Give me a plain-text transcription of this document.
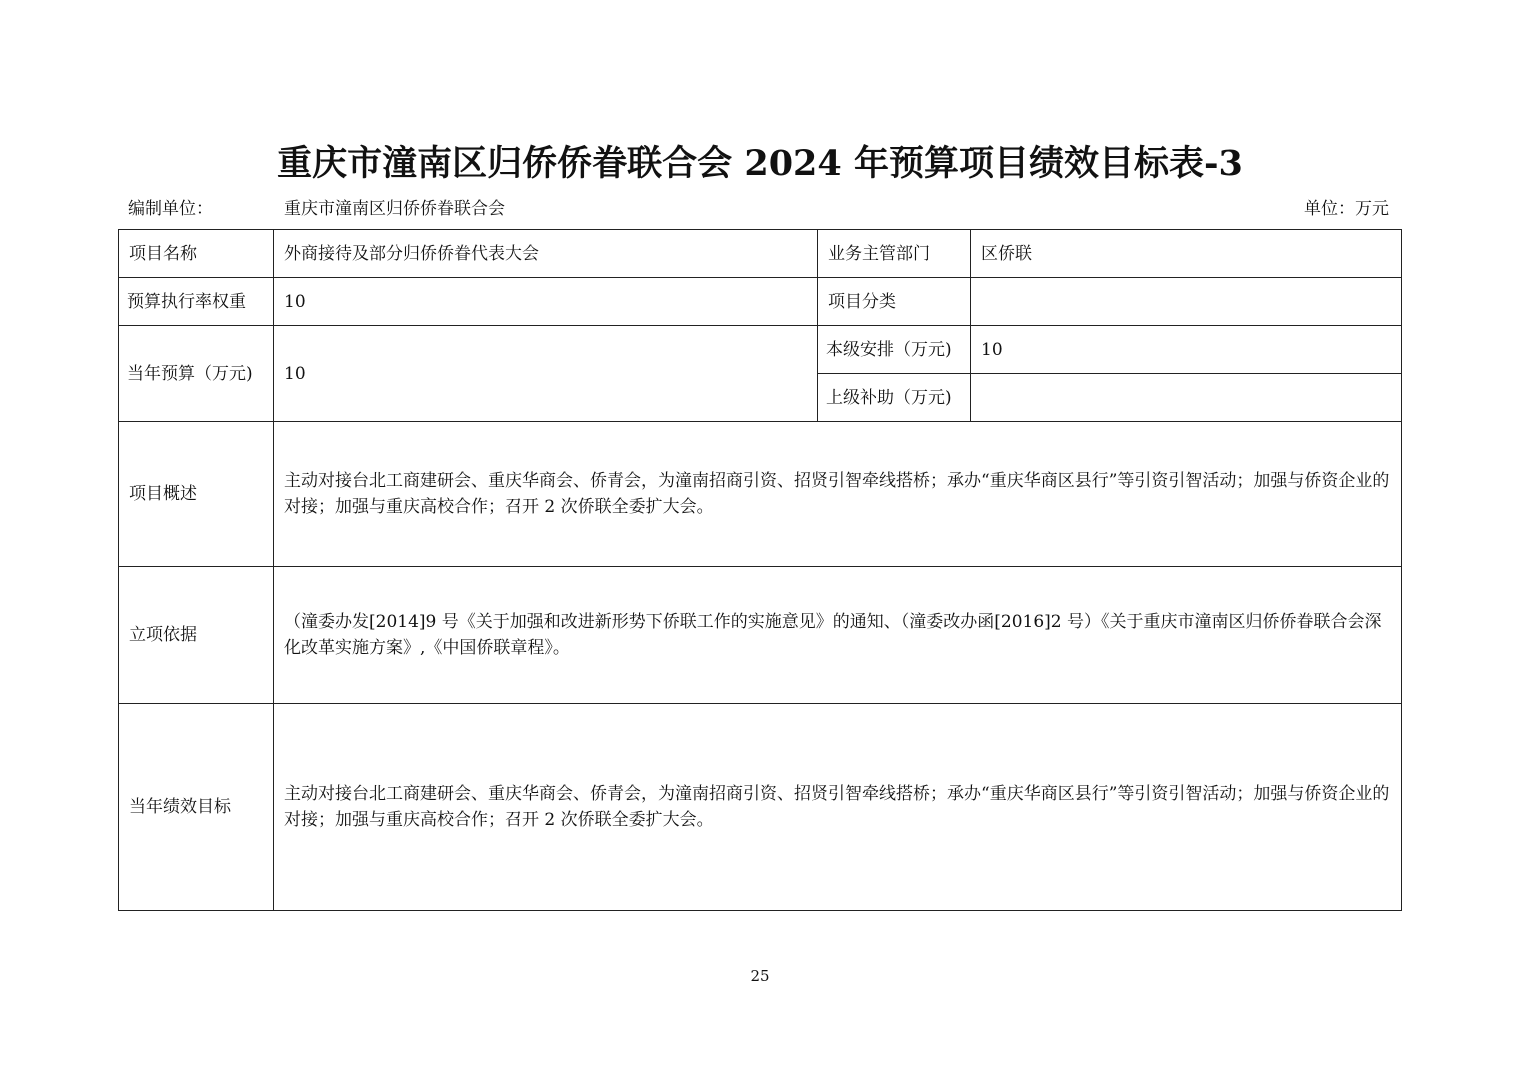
重庆市潼南区归侨侨眷联合会 2024 年预算项目绩效目标表-3
编制单位：	重庆市潼南区归侨侨眷联合会	单位：万元
项目名称	外商接待及部分归侨侨眷代表大会	业务主管部门	区侨联
预算执行率权重	10	项目分类	
当年预算（万元)	10	本级安排（万元)	10
		上级补助（万元)	
项目概述	主动对接台北工商建研会、重庆华商会、侨青会，为潼南招商引资、招贤引智牵线搭桥；承办“重庆华商区县行”等引资引智活动；加强与侨资企业的对接；加强与重庆高校合作；召开 2 次侨联全委扩大会。		
立项依据	（潼委办发[2014]9 号《关于加强和改进新形势下侨联工作的实施意见》的通知、（潼委改办函[2016]2 号）《关于重庆市潼南区归侨侨眷联合会深化改革实施方案》,《中国侨联章程》。		
当年绩效目标	主动对接台北工商建研会、重庆华商会、侨青会，为潼南招商引资、招贤引智牵线搭桥；承办“重庆华商区县行”等引资引智活动；加强与侨资企业的对接；加强与重庆高校合作；召开 2 次侨联全委扩大会。		
25
